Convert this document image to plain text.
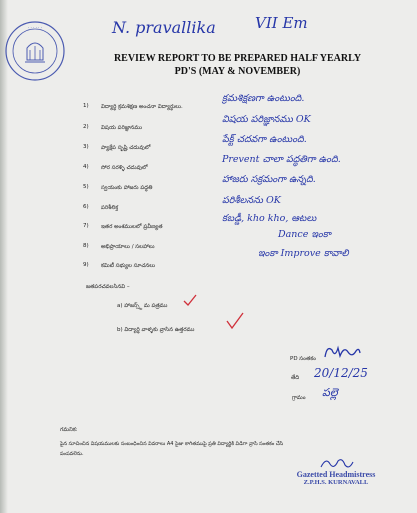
· · · · · ·	N. pravallika	VII Em
REVIEW REPORT TO BE PREPARED HALF YEARLY
PD'S (MAY & NOVEMBER)
1) విద్యార్థి క్రమశిక్షణ అంచనా విద్యార్థులు.
క్రమశిక్షణగా ఉంటుంది.
2) విషయ పరిజ్ఞానము
విషయ పరిజ్ఞానము OK
3) ప్యాక్షేప సృష్టి చదువులో
పేక్ట్ చదవగా ఉంటుంది.
4) సోర సరళ్ళి చదువులో
Prevent చాలా పద్ధతిగా ఉంది.
5) స్వయంకు హాజరు పద్ధతి
హాజరు సక్రమంగా ఉన్నది.
6) పరిశీలిక్త
పరిశీలనను OK
7) ఇతర అంశములలో ప్రవీణ్యత
కబడ్డీ, kho kho, ఆటలు
8) అభిప్రాయాలు / సలహాలు
Dance ఇంకా
9) కమిటీ సభ్యుల సూచనలు
ఇంకా Improve కావాలి
జతపరచవలసినవి –
a) హాజర్స్ట్ మ పత్రము
b) విద్యార్థి వాళ్ళకు వ్రాసిన ఉత్తరము
PD సంతకం
తేది 20/12/25
గ్రామం పల్లె
గమనిక:
పైన సూచించిన విషయములకు సంబంధించిన వివరాలు A4 సైజు కాగితముపై ప్రతి విద్యార్థికి విడిగా వ్రాసి సంతకం చేసి
పంపవలెను.
Gazetted Headmistress
Z.P.H.S. KURNAVALL
